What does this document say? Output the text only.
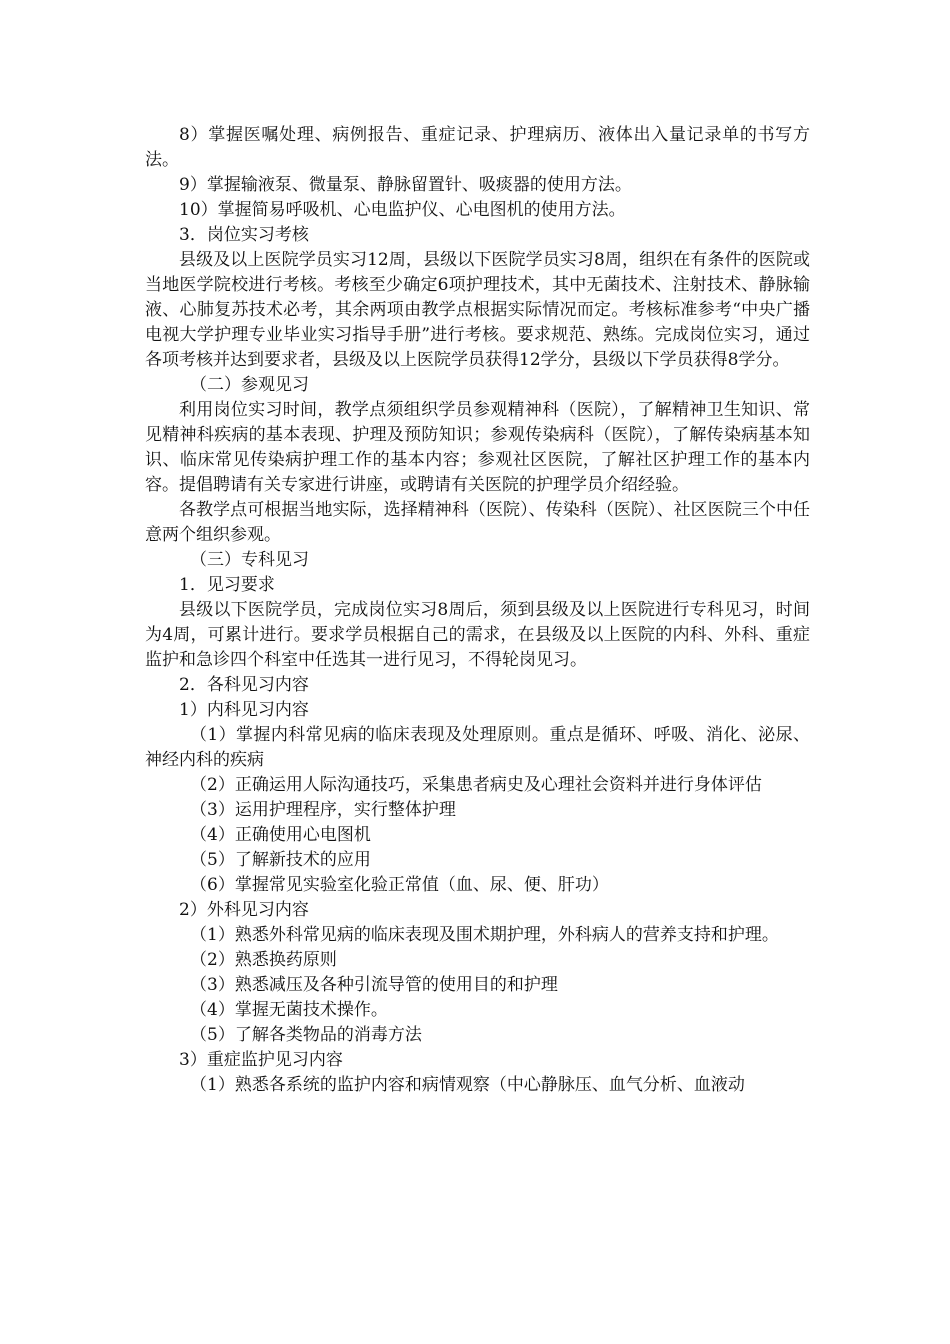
8）掌握医嘱处理、病例报告、重症记录、护理病历、液体出入量记录单的书写方法。

9）掌握输液泵、微量泵、静脉留置针、吸痰器的使用方法。

10）掌握简易呼吸机、心电监护仪、心电图机的使用方法。

3．岗位实习考核

县级及以上医院学员实习12周，县级以下医院学员实习8周，组织在有条件的医院或当地医学院校进行考核。考核至少确定6项护理技术，其中无菌技术、注射技术、静脉输液、心肺复苏技术必考，其余两项由教学点根据实际情况而定。考核标准参考“中央广播电视大学护理专业毕业实习指导手册”进行考核。要求规范、熟练。完成岗位实习，通过各项考核并达到要求者，县级及以上医院学员获得12学分，县级以下学员获得8学分。

（二）参观见习

利用岗位实习时间，教学点须组织学员参观精神科（医院），了解精神卫生知识、常见精神科疾病的基本表现、护理及预防知识；参观传染病科（医院），了解传染病基本知识、临床常见传染病护理工作的基本内容；参观社区医院，了解社区护理工作的基本内容。提倡聘请有关专家进行讲座，或聘请有关医院的护理学员介绍经验。

各教学点可根据当地实际，选择精神科（医院）、传染科（医院）、社区医院三个中任意两个组织参观。

（三）专科见习

1．见习要求

县级以下医院学员，完成岗位实习8周后，须到县级及以上医院进行专科见习，时间为4周，可累计进行。要求学员根据自己的需求，在县级及以上医院的内科、外科、重症监护和急诊四个科室中任选其一进行见习，不得轮岗见习。

2．各科见习内容

1）内科见习内容

（1）掌握内科常见病的临床表现及处理原则。重点是循环、呼吸、消化、泌尿、神经内科的疾病

（2）正确运用人际沟通技巧，采集患者病史及心理社会资料并进行身体评估

（3）运用护理程序，实行整体护理

（4）正确使用心电图机

（5）了解新技术的应用

（6）掌握常见实验室化验正常值（血、尿、便、肝功）

2）外科见习内容

（1）熟悉外科常见病的临床表现及围术期护理，外科病人的营养支持和护理。

（2）熟悉换药原则

（3）熟悉减压及各种引流导管的使用目的和护理

（4）掌握无菌技术操作。

（5）了解各类物品的消毒方法

3）重症监护见习内容

（1）熟悉各系统的监护内容和病情观察（中心静脉压、血气分析、血液动
